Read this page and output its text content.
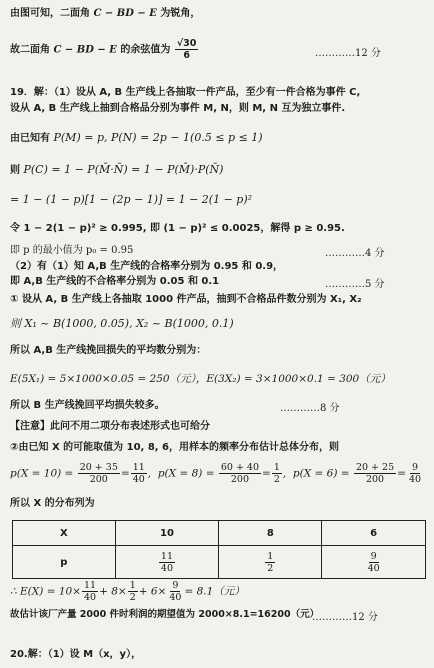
由图可知，二面角 C − BD − E 为锐角，
故二面角 C − BD − E 的余弦值为 $\frac{√30}{6}$	…………12 分
19．解：（1）设从 A, B 生产线上各抽取一件产品，至少有一件合格为事件 C,
设从 A, B 生产线上抽到合格品分别为事件 M, N，则 M, N 互为独立事件.
由已知有 P(M) = p, P(N) = 2p − 1(0.5 ≤ p ≤ 1)
则 P(C) = 1 − P(M̄·N̄) = 1 − P(M̄)·P(N̄)
= 1 − (1 − p)[1 − (2p − 1)] = 1 − 2(1 − p)²
令 1 − 2(1 − p)² ≥ 0.995, 即 (1 − p)² ≤ 0.0025，解得 p ≥ 0.95.
即 p 的最小值为 p₀ = 0.95	…………4 分
（2）有（1）知 A,B 生产线的合格率分别为 0.95 和 0.9，
即 A,B 生产线的不合格率分别为 0.05 和 0.1	…………5 分
① 设从 A, B 生产线上各抽取 1000 件产品，抽到不合格品件数分别为 X₁, X₂
则 X₁ ~ B(1000, 0.05), X₂ ~ B(1000, 0.1)
所以 A,B 生产线挽回损失的平均数分别为：
E(5X₁) = 5×1000×0.05 = 250（元），E(3X₂) = 3×1000×0.1 = 300（元）
所以 B 生产线挽回平均损失较多。	…………8 分
【注意】此问不用二项分布表述形式也可给分
②由已知 X 的可能取值为 10, 8, 6，用样本的频率分布估计总体分布，则
$p(X = 10) = \frac{20 + 35}{200} = \frac{11}{40}$ ,  $p(X = 8) = \frac{60 + 40}{200} = \frac{1}{2}$ ,  $p(X = 6) = \frac{20 + 25}{200} = \frac{9}{40}$
所以 X 的分布列为
X	10	8	6
p	$\frac{11}{40}$	$\frac{1}{2}$	$\frac{9}{40}$
∴ $E(X) = 10\times \frac{11}{40} + 8\times \frac{1}{2} + 6\times \frac{9}{40} = 8.1$（元）
故估计该厂产量 2000 件时利润的期望值为 2000×8.1=16200（元）
…………12 分
20.解：（1）设 M（x，y），
